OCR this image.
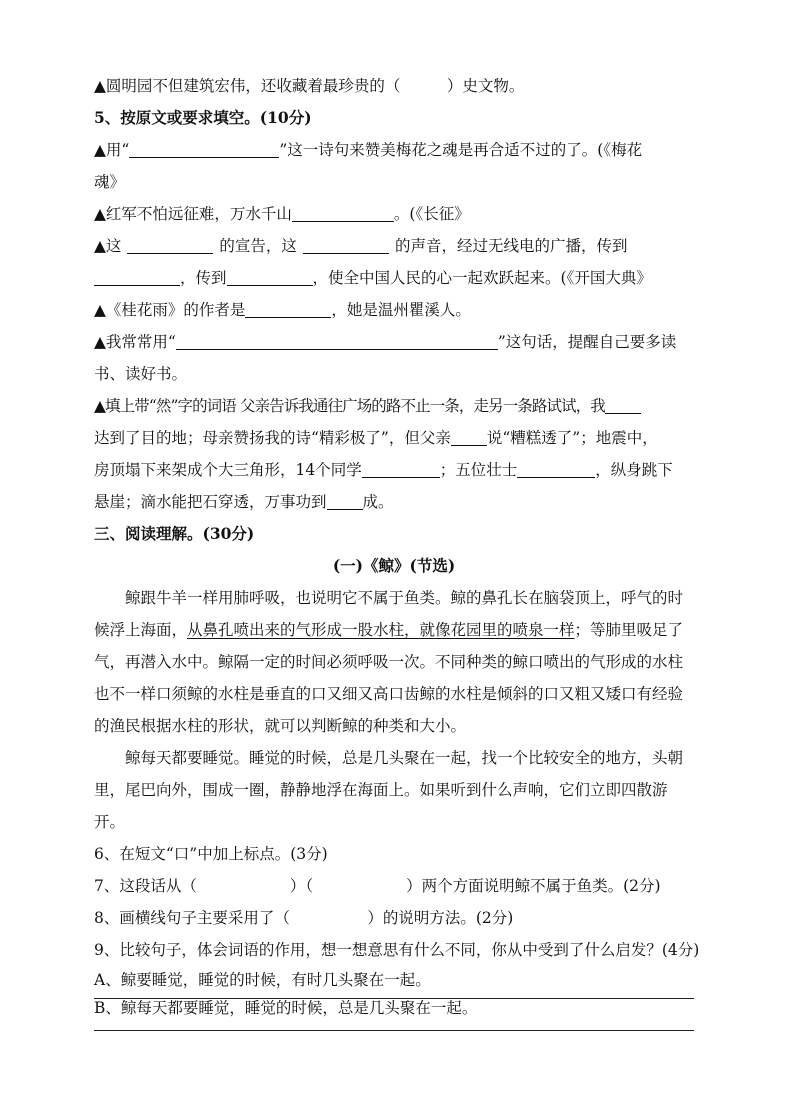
▲圆明园不但建筑宏伟，还收藏着最珍贵的（　　　）史文物。
5、按原文或要求填空。(10分)
▲用“	”这一诗句来赞美梅花之魂是再合适不过的了。(《梅花
魂》
▲红军不怕远征难，万水千山	。(《长征》
▲这	的宣告，这	的声音，经过无线电的广播，传到
，传到	，使全中国人民的心一起欢跃起来。(《开国大典》
▲《桂花雨》的作者是	，她是温州瞿溪人。
▲我常常用“	”这句话，提醒自己要多读
书、读好书。
▲填上带“然”字的词语 父亲告诉我通往广场的路不止一条，走另一条路试试，我
达到了目的地；母亲赞扬我的诗“精彩极了”，但父亲 说“糟糕透了”；地震中，
房顶塌下来架成个大三角形，14个同学	；五位壮士	，纵身跳下
悬崖；滴水能把石穿透，万事功到 成。
三、阅读理解。(30分)
(一)《鲸》(节选)
鲸跟牛羊一样用肺呼吸，也说明它不属于鱼类。鲸的鼻孔长在脑袋顶上，呼气的时候浮上海面，从鼻孔喷出来的气形成一股水柱，就像花园里的喷泉一样；等肺里吸足了气，再潜入水中。鲸隔一定的时间必须呼吸一次。不同种类的鲸口喷出的气形成的水柱也不一样口须鲸的水柱是垂直的口又细又高口齿鲸的水柱是倾斜的口又粗又矮口有经验的渔民根据水柱的形状，就可以判断鲸的种类和大小。
鲸每天都要睡觉。睡觉的时候，总是几头聚在一起，找一个比较安全的地方，头朝里，尾巴向外，围成一圈，静静地浮在海面上。如果听到什么声响，它们立即四散游开。
6、在短文“口”中加上标点。(3分)
7、这段话从（　　　　　　）（　　　　　　）两个方面说明鲸不属于鱼类。(2分)
8、画横线句子主要采用了（　　　　　）的说明方法。(2分)
9、比较句子，体会词语的作用，想一想意思有什么不同，你从中受到了什么启发？(4分)
A、鲸要睡觉，睡觉的时候，有时几头聚在一起。
B、鲸每天都要睡觉，睡觉的时候，总是几头聚在一起。
